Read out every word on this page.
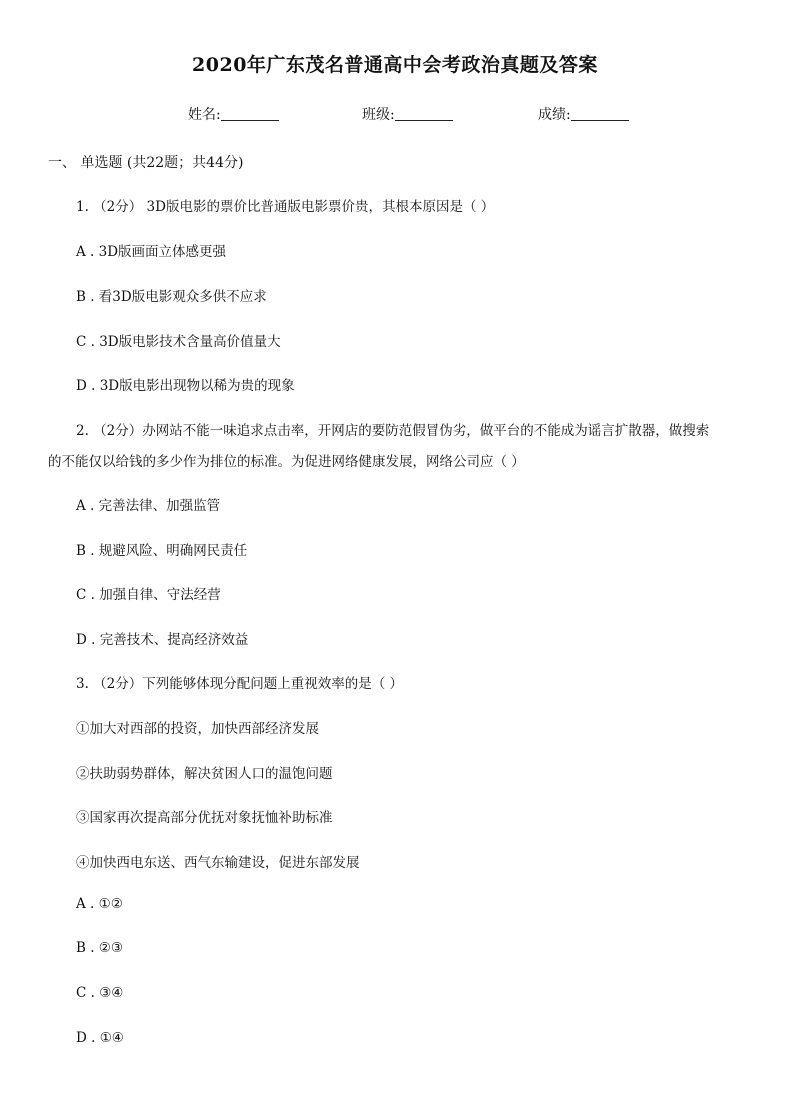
2020年广东茂名普通高中会考政治真题及答案
姓名:	班级:	成绩:
一、 单选题 (共22题；共44分)
1. （2分） 3D版电影的票价比普通版电影票价贵，其根本原因是（ ）
A . 3D版画面立体感更强
B . 看3D版电影观众多供不应求
C . 3D版电影技术含量高价值量大
D . 3D版电影出现物以稀为贵的现象
2. （2分）办网站不能一味追求点击率，开网店的要防范假冒伪劣，做平台的不能成为谣言扩散器，做搜索
的不能仅以给钱的多少作为排位的标准。为促进网络健康发展，网络公司应（ ）
A . 完善法律、加强监管
B . 规避风险、明确网民责任
C . 加强自律、守法经营
D . 完善技术、提高经济效益
3. （2分）下列能够体现分配问题上重视效率的是（ ）
①加大对西部的投资，加快西部经济发展
②扶助弱势群体，解决贫困人口的温饱问题
③国家再次提高部分优抚对象抚恤补助标准
④加快西电东送、西气东输建设，促进东部发展
A . ①②
B . ②③
C . ③④
D . ①④
